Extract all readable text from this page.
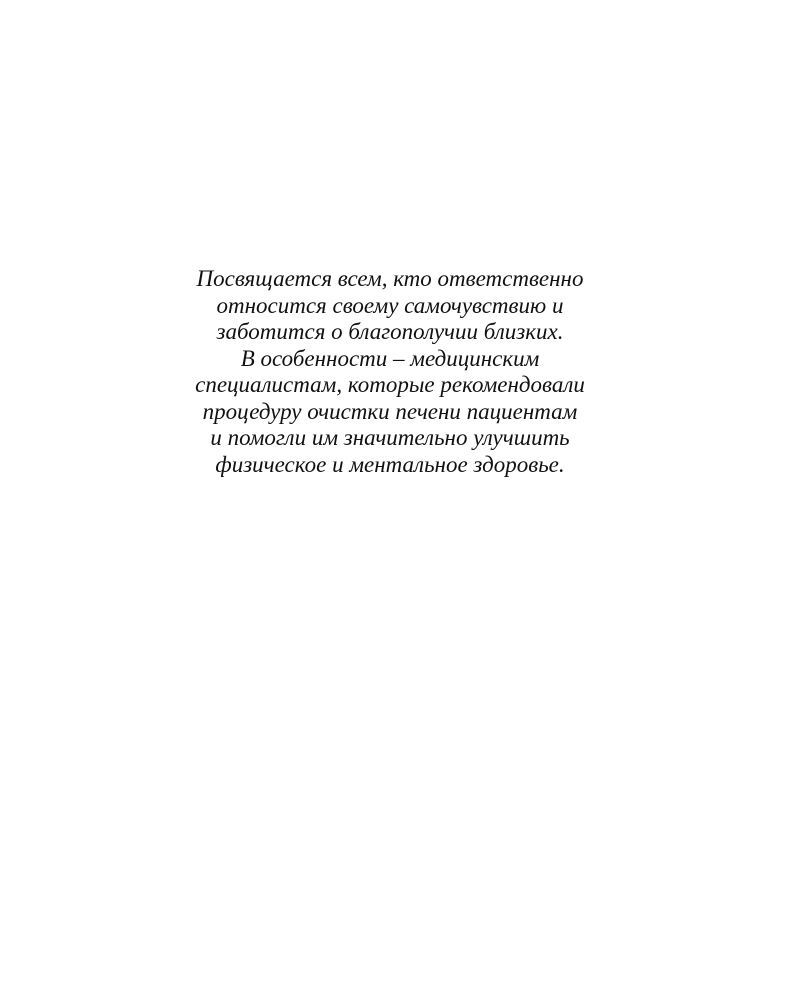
Посвящается всем, кто ответственно
относится своему самочувствию и
заботится о благополучии близких.
В особенности – медицинским
специалистам, которые рекомендовали
процедуру очистки печени пациентам
и помогли им значительно улучшить
физическое и ментальное здоровье.
